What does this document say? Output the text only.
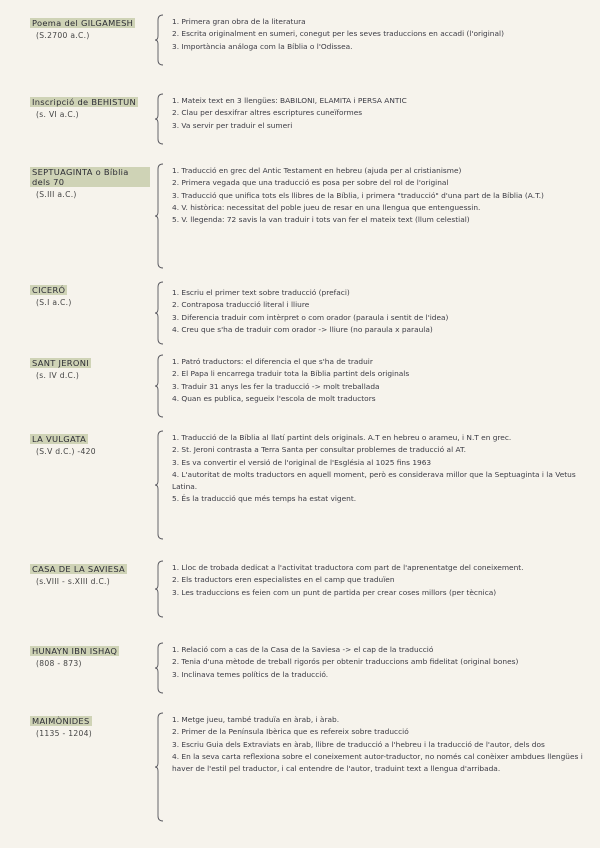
Poema del GILGAMESH
(S.2700 a.C.)
1. Primera gran obra de la literatura
2. Escrita originalment en sumeri, conegut per les seves traduccions en accadi (l'original)
3. Importància análoga com la Bíblia o l'Odissea.
Inscripció de BEHISTUN
(s. VI a.C.)
1. Mateix text en 3 llengües: BABILONI, ELAMITA i PERSA ANTIC
2. Clau per desxifrar altres escriptures cuneïformes
3. Va servir per traduir el sumeri
SEPTUAGINTA o Bíblia dels 70
(S.III a.C.)
1. Traducció en grec del Antic Testament en hebreu (ajuda per al cristianisme)
2. Primera vegada que una traducció es posa per sobre del rol de l'original
3. Traducció que unifica tots els llibres de la Bíblia, i primera "traducció" d'una part de la Bíblia (A.T.)
4. V. històrica: necessitat del poble jueu de resar en una llengua que entenguessin.
5. V. llegenda: 72 savis la van traduir i tots van fer el mateix text (llum celestial)
CICERÓ
(S.I a.C.)
1. Escriu el primer text sobre traducció (prefaci)
2. Contraposa traducció literal i lliure
3. Diferencia traduir com intèrpret o com orador (paraula i sentit de l'idea)
4. Creu que s'ha de traduir com orador -> lliure (no paraula x paraula)
SANT JERONI
(s. IV d.C.)
1. Patró traductors: el diferencia el que s'ha de traduir
2. El Papa li encarrega traduir tota la Bíblia partint dels originals
3. Traduir 31 anys les fer la traducció -> molt treballada
4. Quan es publica, segueix l'escola de molt traductors
LA VULGATA
(S.V d.C.) -420
1. Traducció de la Bíblia al llatí partint dels originals. A.T en hebreu o arameu, i N.T en grec.
2. St. Jeroni contrasta a Terra Santa per consultar problemes de traducció al AT.
3. Es va convertir el versió de l'original de l'Església al 1025 fins 1963
4. L'autoritat de molts traductors en aquell moment, però es considerava millor que la Septuaginta i la Vetus Latina.
5. És la traducció que més temps ha estat vigent.
CASA DE LA SAVIESA
(s.VIII - s.XIII d.C.)
1. Lloc de trobada dedicat a l'activitat traductora com part de l'aprenentatge del coneixement.
2. Els traductors eren especialistes en el camp que traduïen
3. Les traduccions es feien com un punt de partida per crear coses millors (per tècnica)
HUNAYN IBN ISHAQ
(808 - 873)
1. Relació com a cas de la Casa de la Saviesa -> el cap de la traducció
2. Tenia d'una mètode de treball rigorós per obtenir traduccions amb fidelitat (original bones)
3. Inclinava temes polítics de la traducció.
MAIMÒNIDES
(1135 - 1204)
1. Metge jueu, també traduïa en àrab, i àrab.
2. Primer de la Península Ibèrica que es refereix sobre traducció
3. Escriu Guia dels Extraviats en àrab, llibre de traducció a l'hebreu i la traducció de l'autor, dels dos
4. En la seva carta reflexiona sobre el coneixement autor-traductor, no només cal conèixer ambdues llengües i haver de l'estil pel traductor, i cal entendre de l'autor, traduint text a llengua d'arribada.
